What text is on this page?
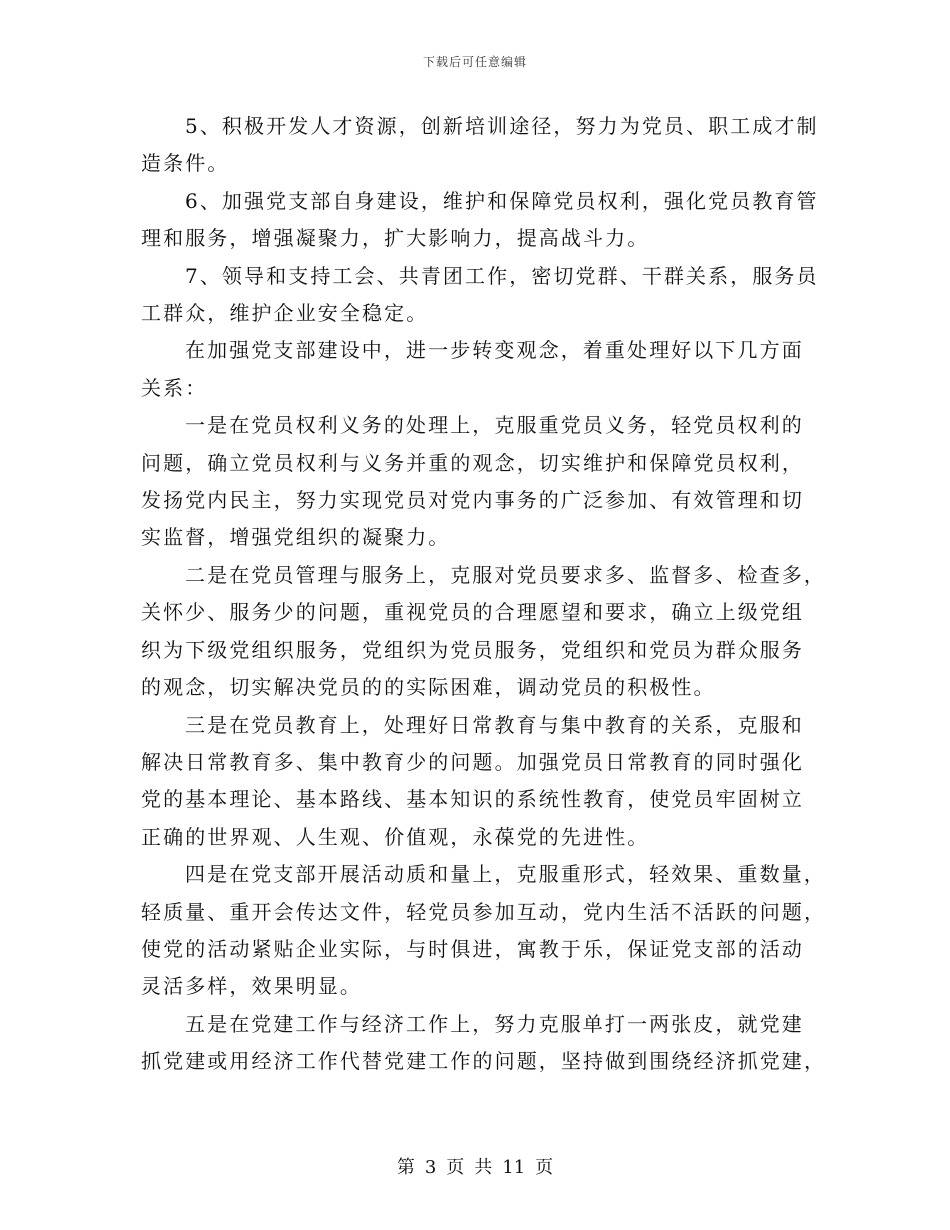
下载后可任意编辑

5、积极开发人才资源，创新培训途径，努力为党员、职工成才制
造条件。

6、加强党支部自身建设，维护和保障党员权利，强化党员教育管
理和服务，增强凝聚力，扩大影响力，提高战斗力。

7、领导和支持工会、共青团工作，密切党群、干群关系，服务员
工群众，维护企业安全稳定。

在加强党支部建设中，进一步转变观念，着重处理好以下几方面
关系：

一是在党员权利义务的处理上，克服重党员义务，轻党员权利的
问题，确立党员权利与义务并重的观念，切实维护和保障党员权利，
发扬党内民主，努力实现党员对党内事务的广泛参加、有效管理和切
实监督，增强党组织的凝聚力。

二是在党员管理与服务上，克服对党员要求多、监督多、检查多，
关怀少、服务少的问题，重视党员的合理愿望和要求，确立上级党组
织为下级党组织服务，党组织为党员服务，党组织和党员为群众服务
的观念，切实解决党员的的实际困难，调动党员的积极性。

三是在党员教育上，处理好日常教育与集中教育的关系，克服和
解决日常教育多、集中教育少的问题。加强党员日常教育的同时强化
党的基本理论、基本路线、基本知识的系统性教育，使党员牢固树立
正确的世界观、人生观、价值观，永葆党的先进性。

四是在党支部开展活动质和量上，克服重形式，轻效果、重数量，
轻质量、重开会传达文件，轻党员参加互动，党内生活不活跃的问题，
使党的活动紧贴企业实际，与时俱进，寓教于乐，保证党支部的活动
灵活多样，效果明显。

五是在党建工作与经济工作上，努力克服单打一两张皮，就党建
抓党建或用经济工作代替党建工作的问题，坚持做到围绕经济抓党建，

第 3 页 共 11 页
